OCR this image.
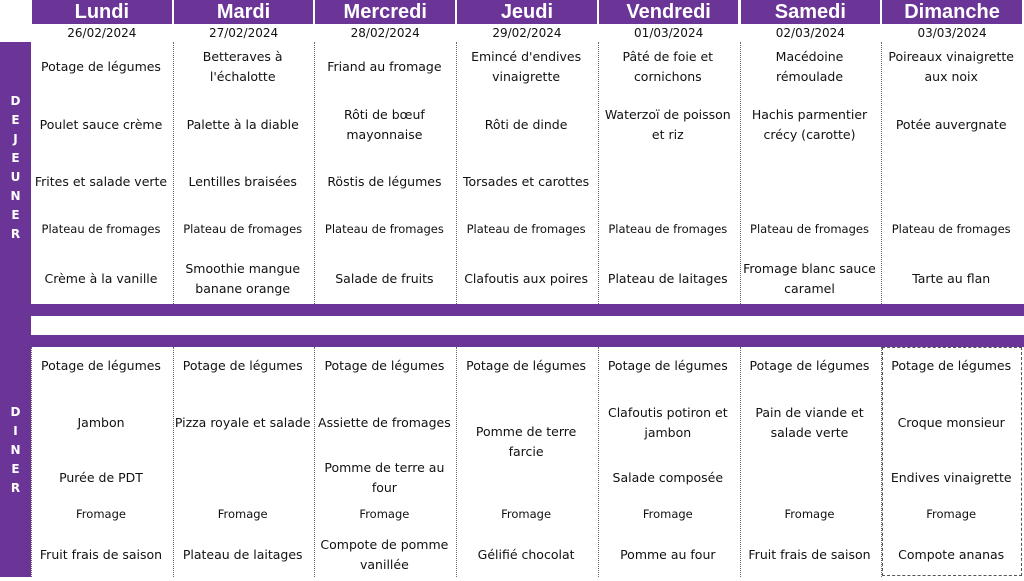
DEJEUNER
DINER
Lundi
26/02/2024
Potage de légumes
Poulet sauce crème
Frites et salade verte
Plateau de fromages
Crème à la vanille
Potage de légumes
Jambon
Purée de PDT
Fromage
Fruit frais de saison
Mardi
27/02/2024
Betteraves à l'échalotte
Palette à la diable
Lentilles braisées
Plateau de fromages
Smoothie mangue banane orange
Potage de légumes
Pizza royale et salade
Fromage
Plateau de laitages
Mercredi
28/02/2024
Friand au fromage
Rôti de bœuf mayonnaise
Röstis de légumes
Plateau de fromages
Salade de fruits
Potage de légumes
Assiette de fromages
Pomme de terre au four
Fromage
Compote de pomme vanillée
Jeudi
29/02/2024
Emincé d'endives vinaigrette
Rôti de dinde
Torsades et carottes
Plateau de fromages
Clafoutis aux poires
Potage de légumes
Pomme de terre farcie
Fromage
Gélifié chocolat
Vendredi
01/03/2024
Pâté de foie et cornichons
Waterzoï de poisson et riz
Plateau de fromages
Plateau de laitages
Potage de légumes
Clafoutis potiron et jambon
Salade composée
Fromage
Pomme au four
Samedi
02/03/2024
Macédoine rémoulade
Hachis parmentier crécy (carotte)
Plateau de fromages
Fromage blanc sauce caramel
Potage de légumes
Pain de viande et salade verte
Fromage
Fruit frais de saison
Dimanche
03/03/2024
Poireaux vinaigrette aux noix
Potée auvergnate
Plateau de fromages
Tarte au flan
Potage de légumes
Croque monsieur
Endives vinaigrette
Fromage
Compote ananas
